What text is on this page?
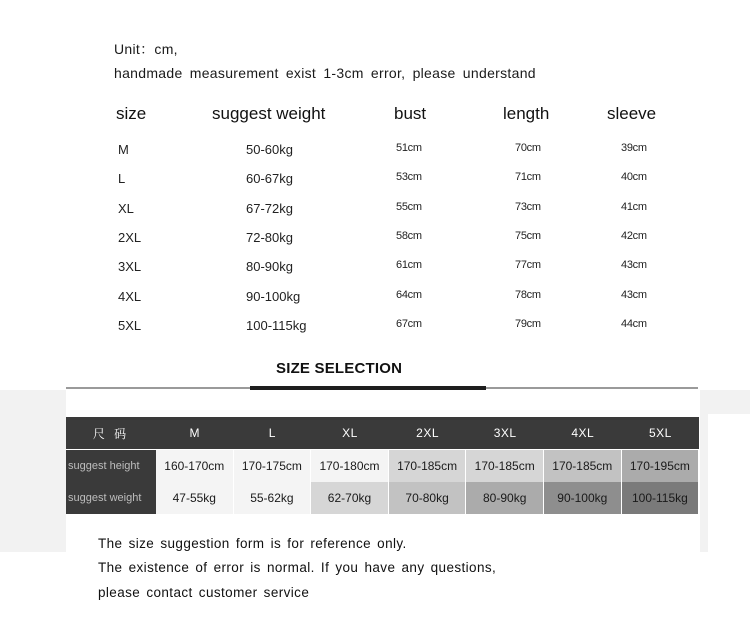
Unit：cm,
handmade measurement exist 1-3cm error, please understand
size	suggest weight	bust	length	sleeve
M	50-60kg	51cm	70cm	39cm
L	60-67kg	53cm	71cm	40cm
XL	67-72kg	55cm	73cm	41cm
2XL	72-80kg	58cm	75cm	42cm
3XL	80-90kg	61cm	77cm	43cm
4XL	90-100kg	64cm	78cm	43cm
5XL	100-115kg	67cm	79cm	44cm
SIZE SELECTION
尺 码	M	L	XL	2XL	3XL	4XL	5XL
suggest height	160-170cm	170-175cm	170-180cm	170-185cm	170-185cm	170-185cm	170-195cm
suggest weight	47-55kg	55-62kg	62-70kg	70-80kg	80-90kg	90-100kg	100-115kg
The size suggestion form is for reference only.
The existence of error is normal. If you have any questions,
please contact customer service
